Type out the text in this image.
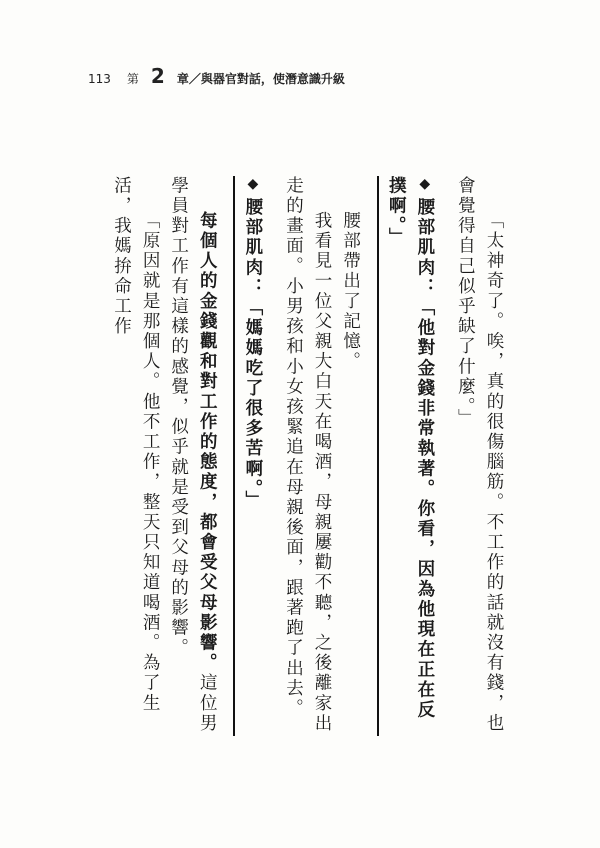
113 第 2 章／與器官對話，使潛意識升級

「太神奇了。唉，真的很傷腦筋。不工作的話就沒有錢，也會覺得自己似乎缺了什麼。」

◆腰部肌肉：「他對金錢非常執著。你看，因為他現在正在反撲啊。」

腰部帶出了記憶。

我看見一位父親大白天在喝酒，母親屢勸不聽，之後離家出走的畫面。小男孩和小女孩緊追在母親後面，跟著跑了出去。

◆腰部肌肉：「媽媽吃了很多苦啊。」

每個人的金錢觀和對工作的態度，都會受父母影響。這位男學員對工作有這樣的感覺，似乎就是受到父母的影響。

「原因就是那個人。他不工作，整天只知道喝酒。為了生活，我媽拚命工作
